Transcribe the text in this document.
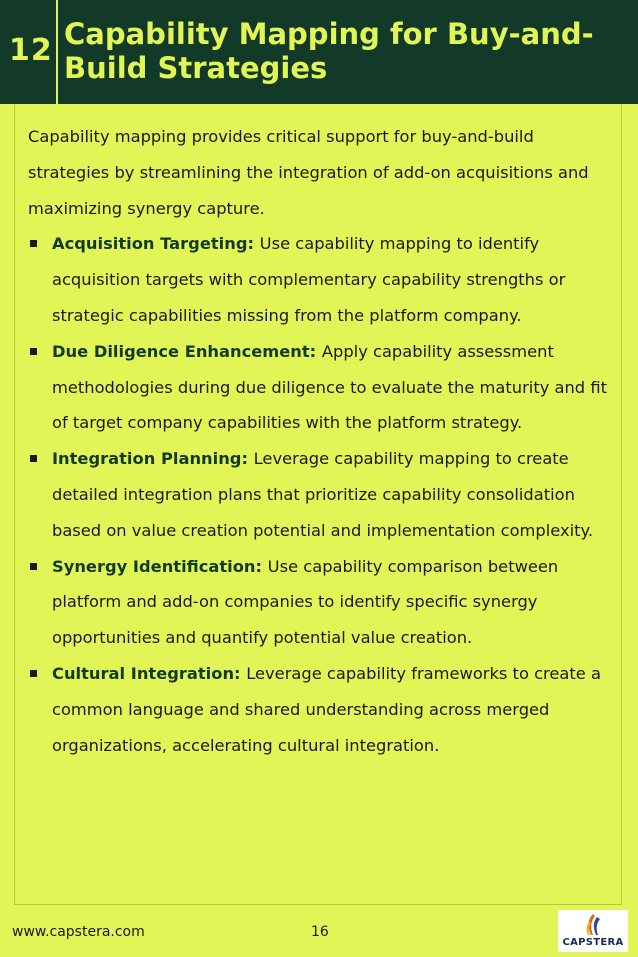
12 Capability Mapping for Buy-and-Build Strategies

Capability mapping provides critical support for buy-and-build strategies by streamlining the integration of add-on acquisitions and maximizing synergy capture.

Acquisition Targeting: Use capability mapping to identify acquisition targets with complementary capability strengths or strategic capabilities missing from the platform company.
Due Diligence Enhancement: Apply capability assessment methodologies during due diligence to evaluate the maturity and fit of target company capabilities with the platform strategy.
Integration Planning: Leverage capability mapping to create detailed integration plans that prioritize capability consolidation based on value creation potential and implementation complexity.
Synergy Identification: Use capability comparison between platform and add-on companies to identify specific synergy opportunities and quantify potential value creation.
Cultural Integration: Leverage capability frameworks to create a common language and shared understanding across merged organizations, accelerating cultural integration.
www.capstera.com	16
CAPSTERA
